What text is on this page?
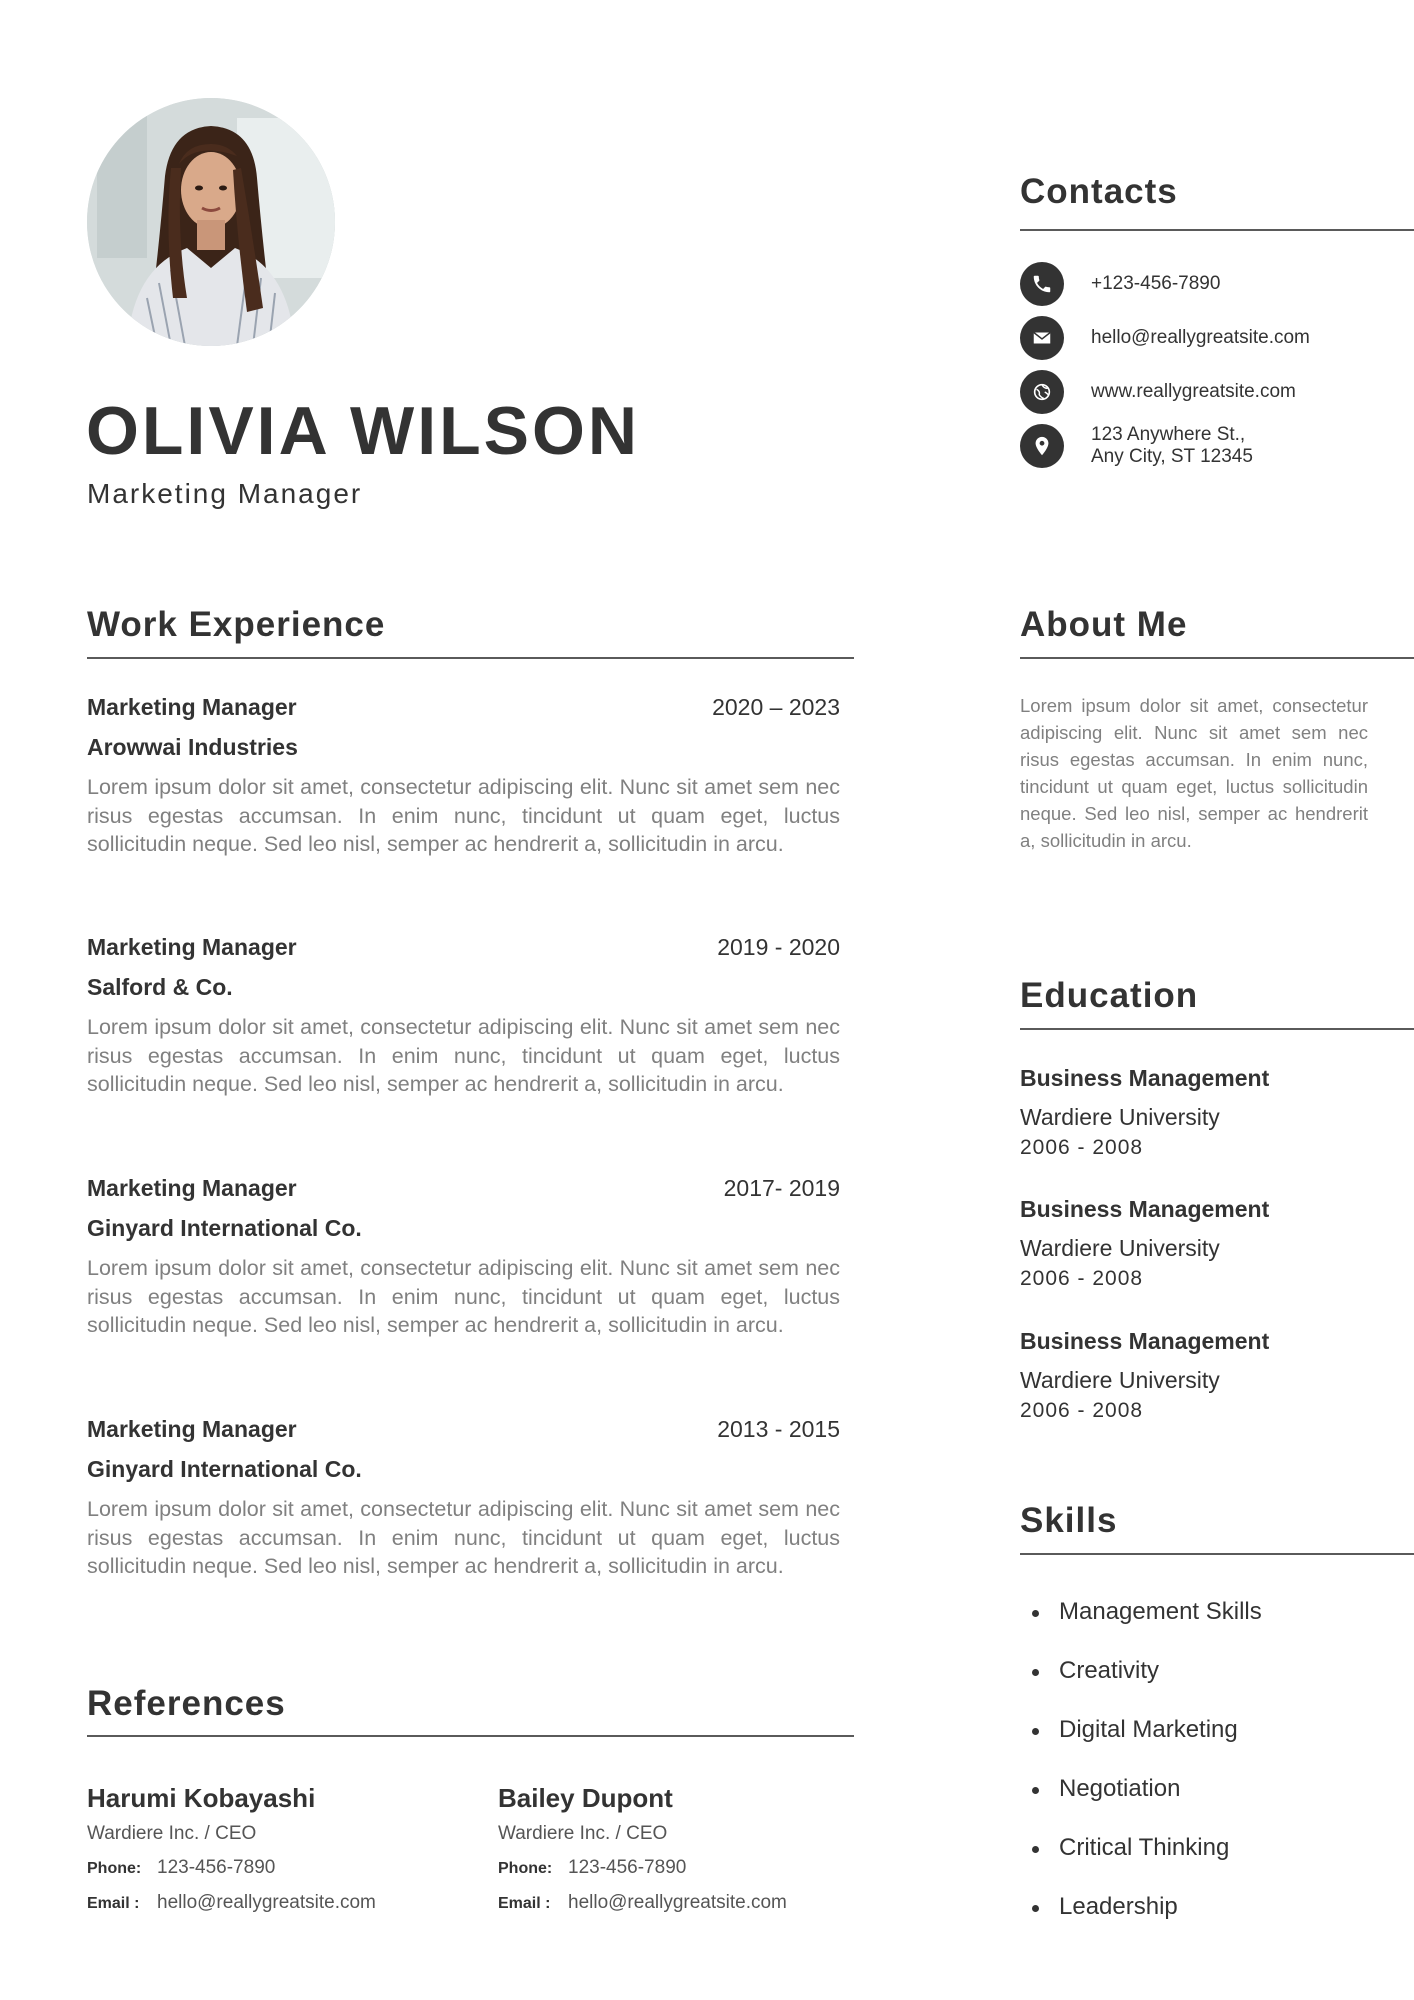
OLIVIA WILSON
Marketing Manager
Contacts
+123-456-7890
hello@reallygreatsite.com
www.reallygreatsite.com
123 Anywhere St.,
Any City, ST 12345
About Me

Lorem ipsum dolor sit amet, consectetur adipiscing elit. Nunc sit amet sem nec risus egestas accumsan. In enim nunc, tincidunt ut quam eget, luctus sollicitudin neque. Sed leo nisl, semper ac hendrerit a, sollicitudin in arcu.

Work Experience
Marketing Manager	2020 – 2023
Arowwai Industries

Lorem ipsum dolor sit amet, consectetur adipiscing elit. Nunc sit amet sem nec risus egestas accumsan. In enim nunc, tincidunt ut quam eget, luctus sollicitudin neque. Sed leo nisl, semper ac hendrerit a, sollicitudin in arcu.

Marketing Manager	2019 - 2020
Salford & Co.

Lorem ipsum dolor sit amet, consectetur adipiscing elit. Nunc sit amet sem nec risus egestas accumsan. In enim nunc, tincidunt ut quam eget, luctus sollicitudin neque. Sed leo nisl, semper ac hendrerit a, sollicitudin in arcu.

Marketing Manager	2017- 2019
Ginyard International Co.

Lorem ipsum dolor sit amet, consectetur adipiscing elit. Nunc sit amet sem nec risus egestas accumsan. In enim nunc, tincidunt ut quam eget, luctus sollicitudin neque. Sed leo nisl, semper ac hendrerit a, sollicitudin in arcu.

Marketing Manager	2013 - 2015
Ginyard International Co.

Lorem ipsum dolor sit amet, consectetur adipiscing elit. Nunc sit amet sem nec risus egestas accumsan. In enim nunc, tincidunt ut quam eget, luctus sollicitudin neque. Sed leo nisl, semper ac hendrerit a, sollicitudin in arcu.

Education
Business Management
Wardiere University
2006 - 2008
Business Management
Wardiere University
2006 - 2008
Business Management
Wardiere University
2006 - 2008
Skills
Management Skills
Creativity
Digital Marketing
Negotiation
Critical Thinking
Leadership
References
Harumi Kobayashi
Wardiere Inc. / CEO
Phone: 123-456-7890
Email : hello@reallygreatsite.com
Bailey Dupont
Wardiere Inc. / CEO
Phone: 123-456-7890
Email : hello@reallygreatsite.com
